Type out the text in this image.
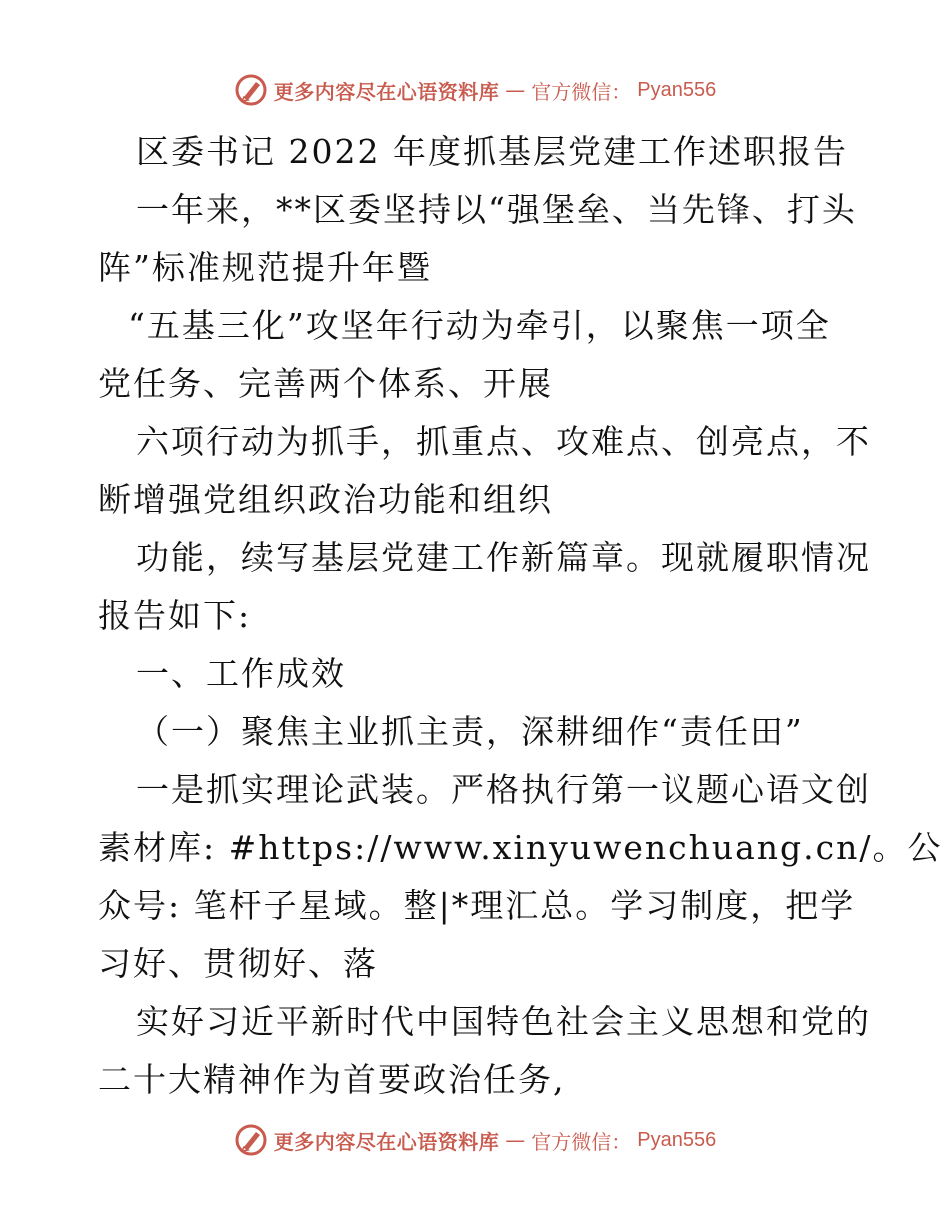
更多内容尽在心语资料库 — 官方微信： Pyan556
区委书记 2022 年度抓基层党建工作述职报告
一年来，**区委坚持以“强堡垒、当先锋、打头
阵”标准规范提升年暨
“五基三化”攻坚年行动为牵引，以聚焦一项全
党任务、完善两个体系、开展
六项行动为抓手，抓重点、攻难点、创亮点，不
断增强党组织政治功能和组织
功能，续写基层党建工作新篇章。现就履职情况
报告如下:
一、工作成效
（一）聚焦主业抓主责，深耕细作“责任田”
一是抓实理论武装。严格执行第一议题心语文创
素材库: #https://www.xinyuwenchuang.cn/。公
众号: 笔杆子星域。整|*理汇总。学习制度，把学
习好、贯彻好、落
实好习近平新时代中国特色社会主义思想和党的
二十大精神作为首要政治任务,
更多内容尽在心语资料库 — 官方微信： Pyan556
